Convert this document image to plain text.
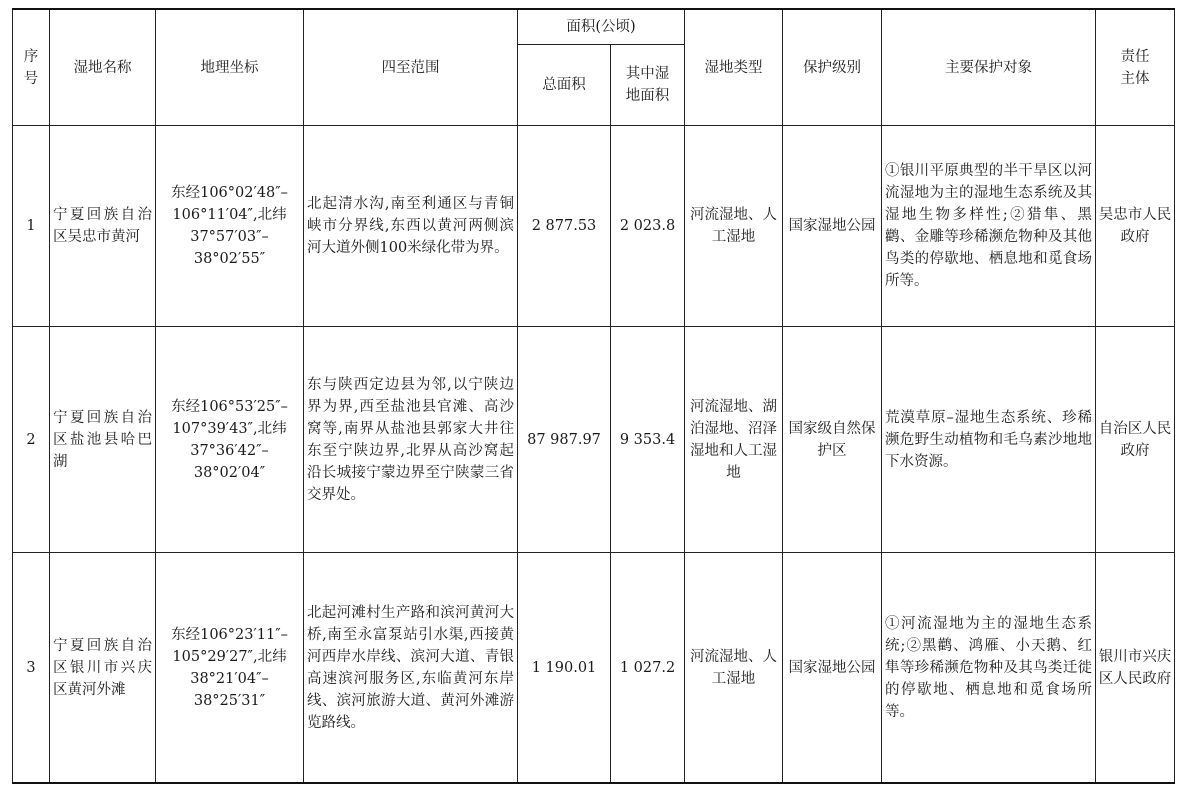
序
号	湿地名称	地理坐标	四至范围	面积(公顷)		湿地类型	保护级别	主要保护对象	责任
主体
				总面积	其中湿
地面积				
1	宁夏回族自治区吴忠市黄河	东经106°02′48″–106°11′04″,北纬37°57′03″–38°02′55″	北起清水沟,南至利通区与青铜峡市分界线,东西以黄河两侧滨河大道外侧100米绿化带为界。	2 877.53	2 023.8	河流湿地、人工湿地	国家湿地公园	①银川平原典型的半干旱区以河流湿地为主的湿地生态系统及其湿地生物多样性;②猎隼、黑鹳、金雕等珍稀濒危物种及其他鸟类的停歇地、栖息地和觅食场所等。	吴忠市人民政府
2	宁夏回族自治区盐池县哈巴湖	东经106°53′25″–107°39′43″,北纬37°36′42″–38°02′04″	东与陕西定边县为邻,以宁陕边界为界,西至盐池县官滩、高沙窝等,南界从盐池县郭家大井往东至宁陕边界,北界从高沙窝起沿长城接宁蒙边界至宁陕蒙三省交界处。	87 987.97	9 353.4	河流湿地、湖泊湿地、沼泽湿地和人工湿地	国家级自然保护区	荒漠草原–湿地生态系统、珍稀濒危野生动植物和毛乌素沙地地下水资源。	自治区人民政府
3	宁夏回族自治区银川市兴庆区黄河外滩	东经106°23′11″–105°29′27″,北纬38°21′04″–38°25′31″	北起河滩村生产路和滨河黄河大桥,南至永富泵站引水渠,西接黄河西岸水岸线、滨河大道、青银高速滨河服务区,东临黄河东岸线、滨河旅游大道、黄河外滩游览路线。	1 190.01	1 027.2	河流湿地、人工湿地	国家湿地公园	①河流湿地为主的湿地生态系统;②黑鹳、鸿雁、小天鹅、红隼等珍稀濒危物种及其鸟类迁徙的停歇地、栖息地和觅食场所等。	银川市兴庆区人民政府
